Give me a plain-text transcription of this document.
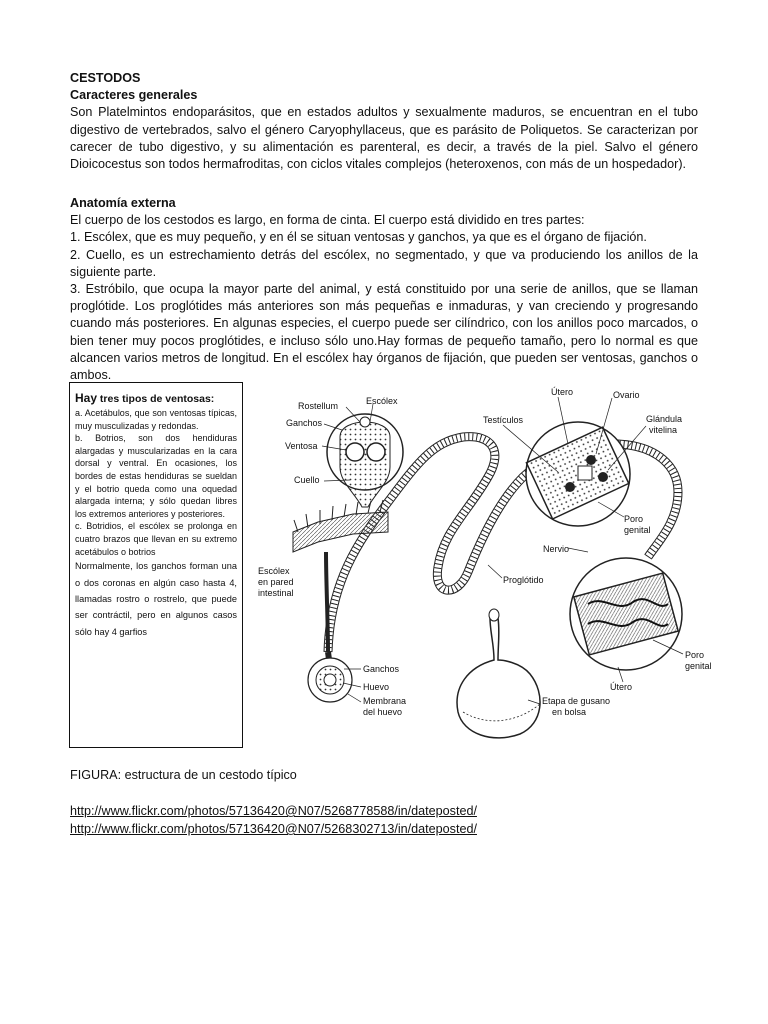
CESTODOS

Caracteres generales

Son Platelmintos endoparásitos, que en estados adultos y sexualmente maduros, se encuentran en el tubo digestivo de vertebrados, salvo el género Caryophyllaceus, que es parásito de Poliquetos. Se caracterizan por carecer de tubo digestivo, y su alimentación es parenteral, es decir, a través de la piel. Salvo el género Dioicocestus son todos hermafroditas, con ciclos vitales complejos (heteroxenos, con más de un hospedador).

Anatomía externa

El cuerpo de los cestodos es largo, en forma de cinta. El cuerpo está dividido en tres partes:

1. Escólex, que es muy pequeño, y en él se situan ventosas y ganchos, ya que es el órgano de fijación.

2. Cuello, es un estrechamiento detrás del escólex, no segmentado, y que va produciendo los anillos de la siguiente parte.

3. Estróbilo, que ocupa la mayor parte del animal, y está constituido por una serie de anillos, que se llaman proglótide. Los proglótides más anteriores son más pequeñas e inmaduras, y van creciendo y progresando cuando más posteriores. En algunas especies, el cuerpo puede ser cilíndrico, con los anillos poco marcados, o bien tener muy pocos proglótides, e incluso sólo uno.Hay formas de pequeño tamaño, pero lo normal es que alcancen varios metros de longitud. En el escólex hay órganos de fijación, que pueden ser ventosas, ganchos o ambos.

Hay tres tipos de ventosas:

a. Acetábulos, que son ventosas típicas, muy musculizadas y redondas.

b. Botrios, son dos hendiduras alargadas y muscularizadas en la cara dorsal y ventral. En ocasiones, los bordes de estas hendiduras se sueldan y el botrio queda como una oquedad alargada interna; y sólo quedan libres los extremos anteriores y posteriores.

c. Botridios, el escólex se prolonga en cuatro brazos que llevan en su extremo acetábulos o botrios

Normalmente, los ganchos forman una o dos coronas en algún caso hasta 4, llamadas rostro o rostrelo, que puede ser contráctil, pero en algunos casos sólo hay 4 garfios

Rostellum	Escólex
Ganchos
Ventosa
Cuello
Escólex
en pared
intestinal
Útero	Ovario
Testículos	Glándula
vitelina
Poro
genital
Nervio
Proglótido
Poro
genital
Útero
Ganchos
Huevo
Membrana
del huevo
Etapa de gusano
en bolsa
FIGURA: estructura de un cestodo típico
http://www.flickr.com/photos/57136420@N07/5268778588/in/dateposted/
http://www.flickr.com/photos/57136420@N07/5268302713/in/dateposted/
